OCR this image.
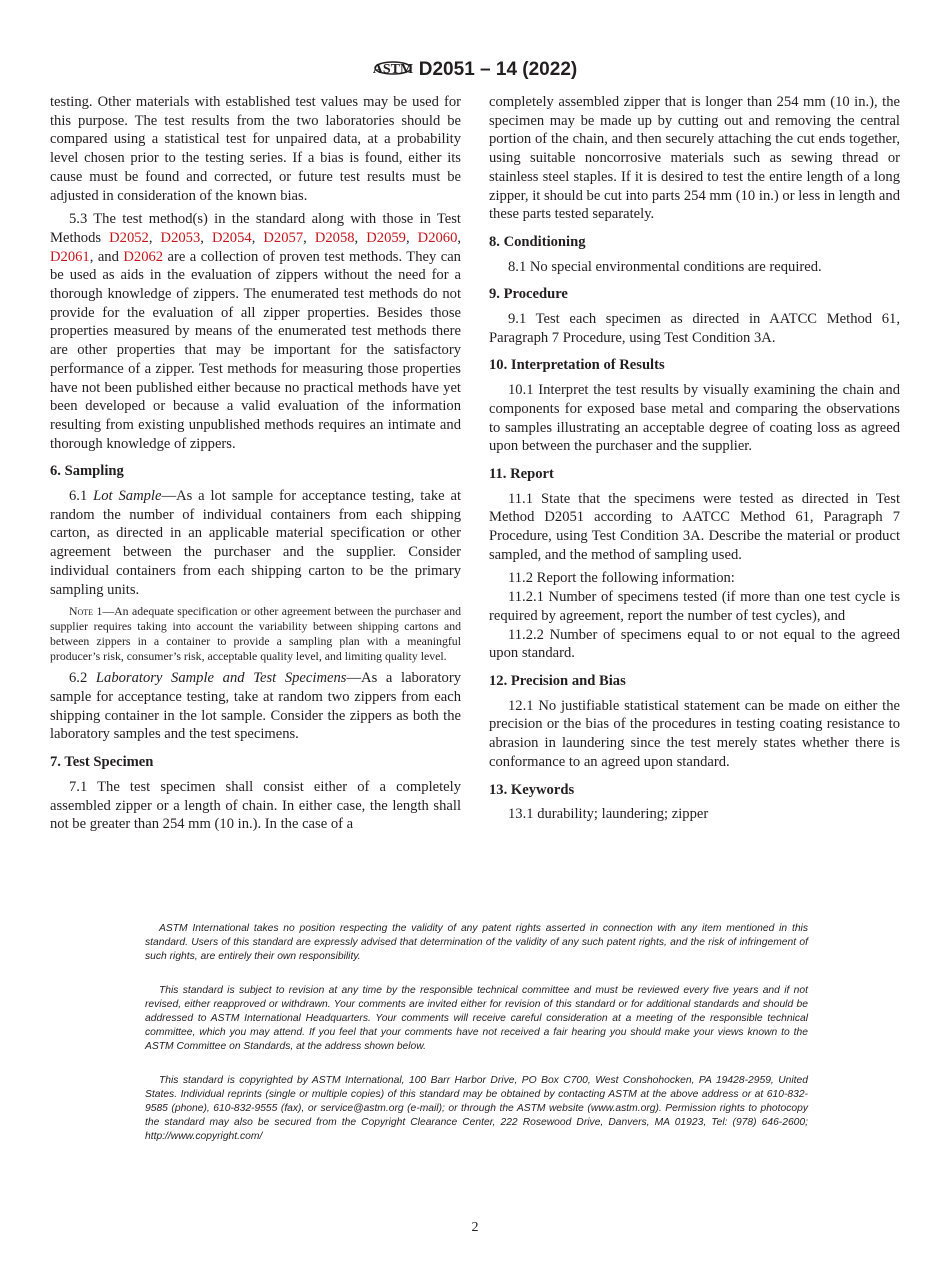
ASTM D2051 – 14 (2022)

testing. Other materials with established test values may be used for this purpose. The test results from the two laboratories should be compared using a statistical test for unpaired data, at a probability level chosen prior to the testing series. If a bias is found, either its cause must be found and corrected, or future test results must be adjusted in consideration of the known bias.

5.3 The test method(s) in the standard along with those in Test Methods D2052, D2053, D2054, D2057, D2058, D2059, D2060, D2061, and D2062 are a collection of proven test methods. They can be used as aids in the evaluation of zippers without the need for a thorough knowledge of zippers. The enumerated test methods do not provide for the evaluation of all zipper properties. Besides those properties measured by means of the enumerated test methods there are other properties that may be important for the satisfactory performance of a zipper. Test methods for measuring those properties have not been published either because no practical methods have yet been developed or because a valid evaluation of the information resulting from existing unpublished methods requires an intimate and thorough knowledge of zippers.

6. Sampling

6.1 Lot Sample—As a lot sample for acceptance testing, take at random the number of individual containers from each shipping carton, as directed in an applicable material specification or other agreement between the purchaser and the supplier. Consider individual containers from each shipping carton to be the primary sampling units.

Note 1—An adequate specification or other agreement between the purchaser and supplier requires taking into account the variability between shipping cartons and between zippers in a container to provide a sampling plan with a meaningful producer’s risk, consumer’s risk, acceptable quality level, and limiting quality level.

6.2 Laboratory Sample and Test Specimens—As a laboratory sample for acceptance testing, take at random two zippers from each shipping container in the lot sample. Consider the zippers as both the laboratory samples and the test specimens.

7. Test Specimen

7.1 The test specimen shall consist either of a completely assembled zipper or a length of chain. In either case, the length shall not be greater than 254 mm (10 in.). In the case of a

completely assembled zipper that is longer than 254 mm (10 in.), the specimen may be made up by cutting out and removing the central portion of the chain, and then securely attaching the cut ends together, using suitable noncorrosive materials such as sewing thread or stainless steel staples. If it is desired to test the entire length of a long zipper, it should be cut into parts 254 mm (10 in.) or less in length and these parts tested separately.

8. Conditioning

8.1 No special environmental conditions are required.

9. Procedure

9.1 Test each specimen as directed in AATCC Method 61, Paragraph 7 Procedure, using Test Condition 3A.

10. Interpretation of Results

10.1 Interpret the test results by visually examining the chain and components for exposed base metal and comparing the observations to samples illustrating an acceptable degree of coating loss as agreed upon between the purchaser and the supplier.

11. Report

11.1 State that the specimens were tested as directed in Test Method D2051 according to AATCC Method 61, Paragraph 7 Procedure, using Test Condition 3A. Describe the material or product sampled, and the method of sampling used.

11.2 Report the following information:

11.2.1 Number of specimens tested (if more than one test cycle is required by agreement, report the number of test cycles), and

11.2.2 Number of specimens equal to or not equal to the agreed upon standard.

12. Precision and Bias

12.1 No justifiable statistical statement can be made on either the precision or the bias of the procedures in testing coating resistance to abrasion in laundering since the test merely states whether there is conformance to an agreed upon standard.

13. Keywords

13.1 durability; laundering; zipper

ASTM International takes no position respecting the validity of any patent rights asserted in connection with any item mentioned in this standard. Users of this standard are expressly advised that determination of the validity of any such patent rights, and the risk of infringement of such rights, are entirely their own responsibility.

This standard is subject to revision at any time by the responsible technical committee and must be reviewed every five years and if not revised, either reapproved or withdrawn. Your comments are invited either for revision of this standard or for additional standards and should be addressed to ASTM International Headquarters. Your comments will receive careful consideration at a meeting of the responsible technical committee, which you may attend. If you feel that your comments have not received a fair hearing you should make your views known to the ASTM Committee on Standards, at the address shown below.

This standard is copyrighted by ASTM International, 100 Barr Harbor Drive, PO Box C700, West Conshohocken, PA 19428-2959, United States. Individual reprints (single or multiple copies) of this standard may be obtained by contacting ASTM at the above address or at 610-832-9585 (phone), 610-832-9555 (fax), or service@astm.org (e-mail); or through the ASTM website (www.astm.org). Permission rights to photocopy the standard may also be secured from the Copyright Clearance Center, 222 Rosewood Drive, Danvers, MA 01923, Tel: (978) 646-2600; http://www.copyright.com/

2
